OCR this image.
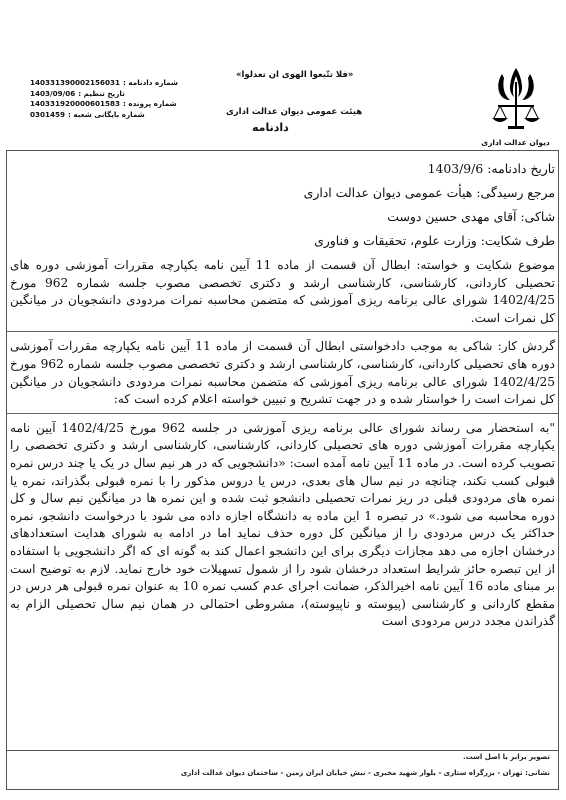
دیوان عدالت اداری
«فلا تتّبعوا الهوی ان تعدلوا»
هیئت عمومی دیوان عدالت اداری
دادنامه
شماره دادنامه :
140331390002156031
تاریخ تنظیم :
1403/09/06
شماره پرونده :
140331920000601583
شماره بایگانی شعبه :
0301459
تاریخ دادنامه:
1403/9/6
مرجع رسیدگی:
هیأت عمومی دیوان عدالت اداری
شاکی:
آقای مهدی حسین دوست
طرف شکایت:
وزارت علوم، تحقیقات و فناوری
موضوع شکایت و خواسته: ابطال آن قسمت از ماده 11 آیین نامه یکپارچه مقررات آموزشی دوره های تحصیلی کاردانی، کارشناسی، کارشناسی ارشد و دکتری تخصصی مصوب جلسه شماره 962 مورخ 1402/4/25 شورای عالی برنامه ریزی آموزشی که متضمن محاسبه نمرات مردودی دانشجویان در میانگین کل نمرات است.
گردش کار: شاکی به موجب دادخواستی ابطال آن قسمت از ماده 11 آیین نامه یکپارچه مقررات آموزشی دوره های تحصیلی کاردانی، کارشناسی، کارشناسی ارشد و دکتری تخصصی مصوب جلسه شماره 962 مورخ 1402/4/25 شورای عالی برنامه ریزی آموزشی که متضمن محاسبه نمرات مردودی دانشجویان در میانگین کل نمرات است را خواستار شده و در جهت تشریح و تبیین خواسته اعلام کرده است که:
"به استحضار می رساند شورای عالی برنامه ریزی آموزشی در جلسه 962 مورخ 1402/4/25 آیین نامه یکپارچه مقررات آموزشی دوره های تحصیلی کاردانی، کارشناسی، کارشناسی ارشد و دکتری تخصصی را تصویب کرده است. در ماده 11 آیین نامه آمده است: «دانشجویی که در هر نیم سال در یک یا چند درس نمره قبولی کسب نکند، چنانچه در نیم سال های بعدی، درس یا دروس مذکور را با نمره قبولی بگذراند، نمره یا نمره های مردودی قبلی در ریز نمرات تحصیلی دانشجو ثبت شده و این نمره ها در میانگین نیم سال و کل دوره محاسبه می شود.» در تبصره 1 این ماده به دانشگاه اجازه داده می شود با درخواست دانشجو، نمره حداکثر یک درس مردودی را از میانگین کل دوره حذف نماید اما در ادامه به شورای هدایت استعدادهای درخشان اجازه می دهد مجازات دیگری برای این دانشجو اعمال کند به گونه ای که اگر دانشجویی با استفاده از این تبصره حائز شرایط استعداد درخشان شود را از شمول تسهیلات خود خارج نماید. لازم به توضیح است بر مبنای ماده 16 آیین نامه اخیرالذکر، ضمانت اجرای عدم کسب نمره 10 به عنوان نمره قبولی هر درس در مقطع کاردانی و کارشناسی (پیوسته و ناپیوسته)، مشروطی احتمالی در همان نیم سال تحصیلی الزام به گذراندن مجدد درس مردودی است
تصویر برابر با اصل است.
نشانی: تهران - بزرگراه ستاری - بلوار شهید مخبری - نبش خیابان ایران زمین - ساختمان دیوان عدالت اداری
